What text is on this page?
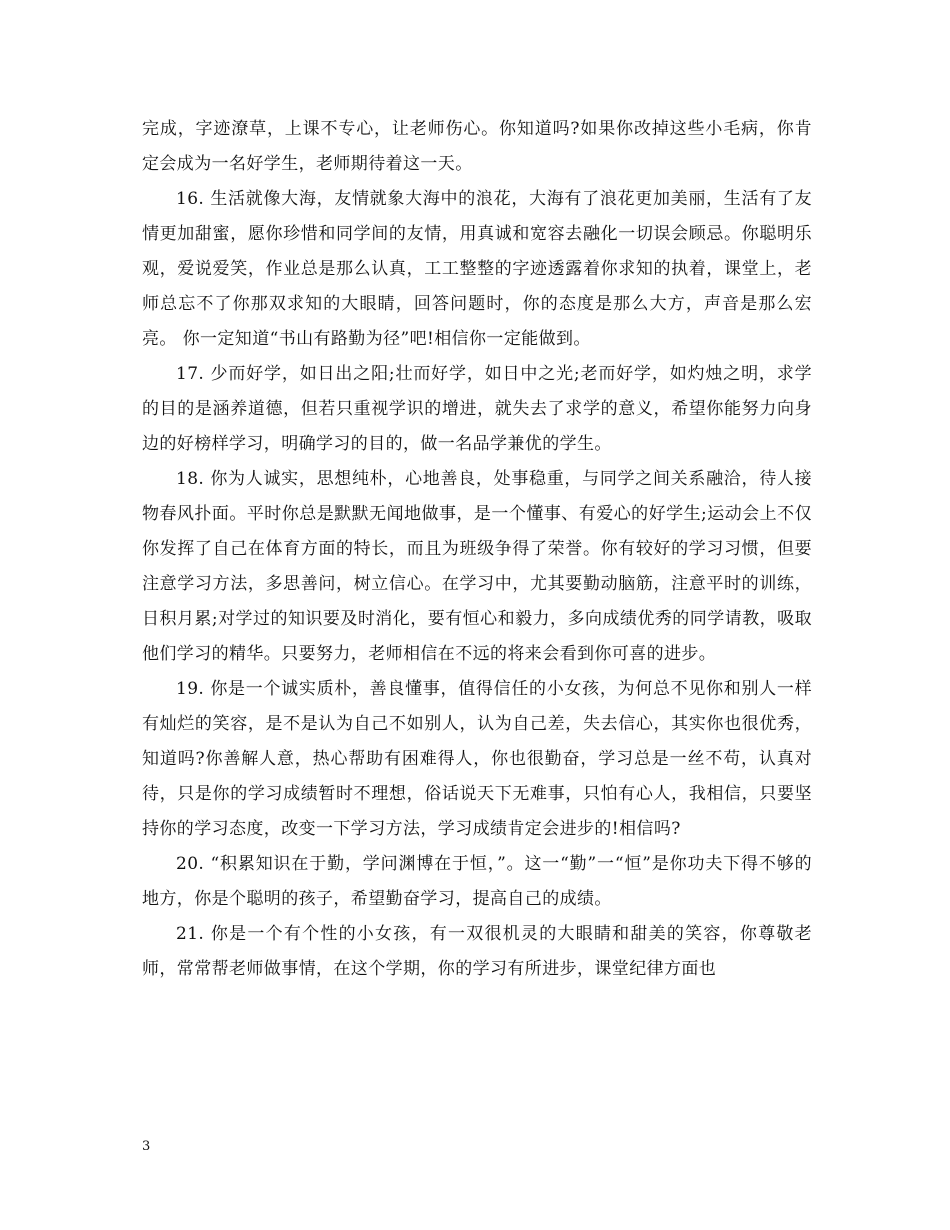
完成，字迹潦草，上课不专心，让老师伤心。你知道吗?如果你改掉这些小毛病，你肯定会成为一名好学生，老师期待着这一天。

16. 生活就像大海，友情就象大海中的浪花，大海有了浪花更加美丽，生活有了友情更加甜蜜，愿你珍惜和同学间的友情，用真诚和宽容去融化一切误会顾忌。你聪明乐观，爱说爱笑，作业总是那么认真，工工整整的字迹透露着你求知的执着，课堂上，老师总忘不了你那双求知的大眼睛，回答问题时，你的态度是那么大方，声音是那么宏亮。 你一定知道“书山有路勤为径”吧!相信你一定能做到。

17. 少而好学，如日出之阳;壮而好学，如日中之光;老而好学，如灼烛之明，求学的目的是涵养道德，但若只重视学识的增进，就失去了求学的意义，希望你能努力向身边的好榜样学习，明确学习的目的，做一名品学兼优的学生。

18. 你为人诚实，思想纯朴，心地善良，处事稳重，与同学之间关系融洽，待人接物春风扑面。平时你总是默默无闻地做事，是一个懂事、有爱心的好学生;运动会上不仅你发挥了自己在体育方面的特长，而且为班级争得了荣誉。你有较好的学习习惯，但要注意学习方法，多思善问，树立信心。在学习中，尤其要勤动脑筋，注意平时的训练，日积月累;对学过的知识要及时消化，要有恒心和毅力，多向成绩优秀的同学请教，吸取他们学习的精华。只要努力，老师相信在不远的将来会看到你可喜的进步。

19. 你是一个诚实质朴，善良懂事，值得信任的小女孩，为何总不见你和别人一样有灿烂的笑容，是不是认为自己不如别人，认为自己差，失去信心，其实你也很优秀，知道吗?你善解人意，热心帮助有困难得人，你也很勤奋，学习总是一丝不苟，认真对待，只是你的学习成绩暂时不理想，俗话说天下无难事，只怕有心人，我相信，只要坚持你的学习态度，改变一下学习方法，学习成绩肯定会进步的!相信吗?

20. “积累知识在于勤，学问渊博在于恒，”。这一“勤”一“恒”是你功夫下得不够的地方，你是个聪明的孩子，希望勤奋学习，提高自己的成绩。

21. 你是一个有个性的小女孩，有一双很机灵的大眼睛和甜美的笑容，你尊敬老师，常常帮老师做事情，在这个学期，你的学习有所进步，课堂纪律方面也

3
